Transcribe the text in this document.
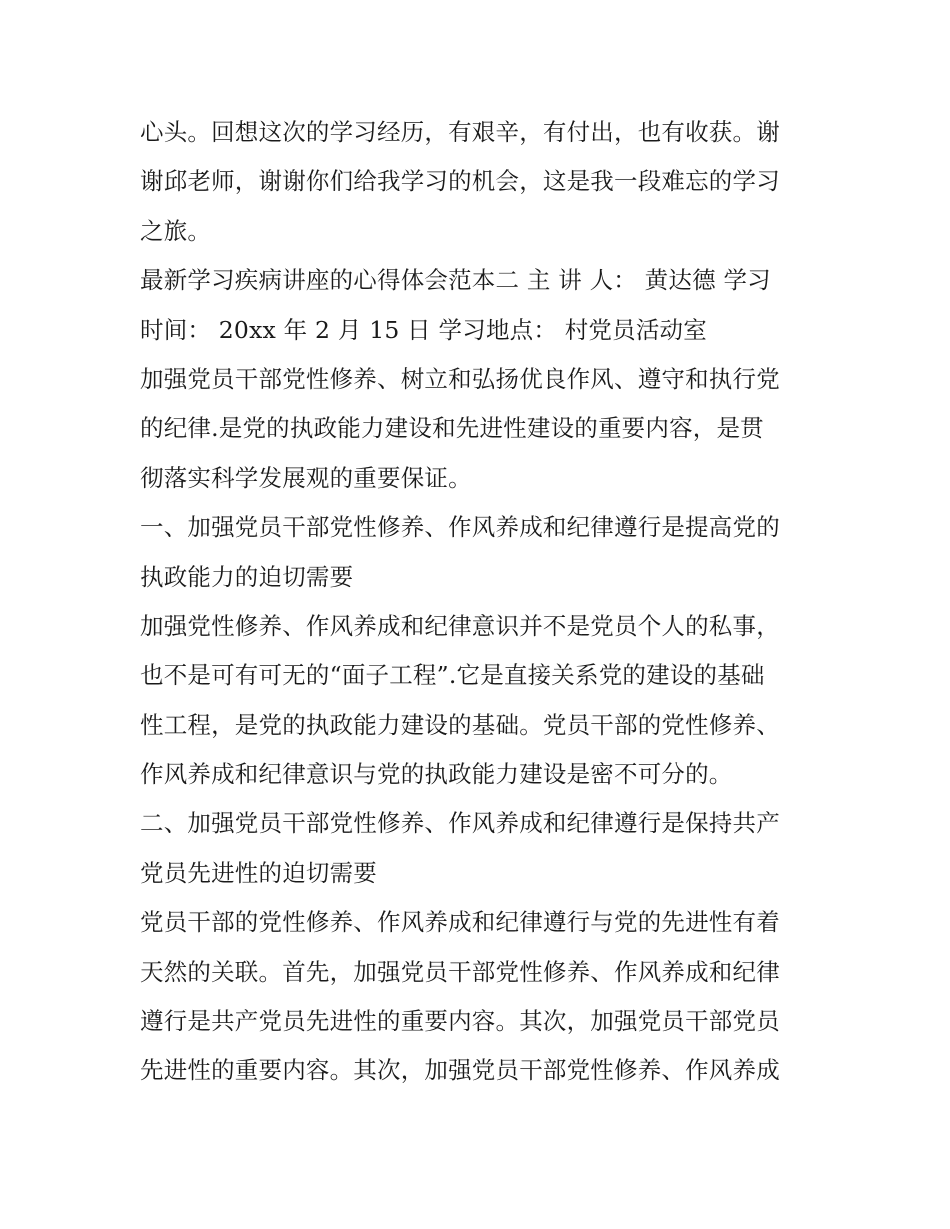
心头。回想这次的学习经历，有艰辛，有付出，也有收获。谢
谢邱老师，谢谢你们给我学习的机会，这是我一段难忘的学习
之旅。
最新学习疾病讲座的心得体会范本二 主 讲 人： 黄达德 学习
时间： 20xx 年 2 月 15 日 学习地点： 村党员活动室
加强党员干部党性修养、树立和弘扬优良作风、遵守和执行党
的纪律.是党的执政能力建设和先进性建设的重要内容，是贯
彻落实科学发展观的重要保证。
一、加强党员干部党性修养、作风养成和纪律遵行是提高党的
执政能力的迫切需要
加强党性修养、作风养成和纪律意识并不是党员个人的私事，
也不是可有可无的“面子工程”.它是直接关系党的建设的基础
性工程，是党的执政能力建设的基础。党员干部的党性修养、
作风养成和纪律意识与党的执政能力建设是密不可分的。
二、加强党员干部党性修养、作风养成和纪律遵行是保持共产
党员先进性的迫切需要
党员干部的党性修养、作风养成和纪律遵行与党的先进性有着
天然的关联。首先，加强党员干部党性修养、作风养成和纪律
遵行是共产党员先进性的重要内容。其次，加强党员干部党员
先进性的重要内容。其次，加强党员干部党性修养、作风养成
